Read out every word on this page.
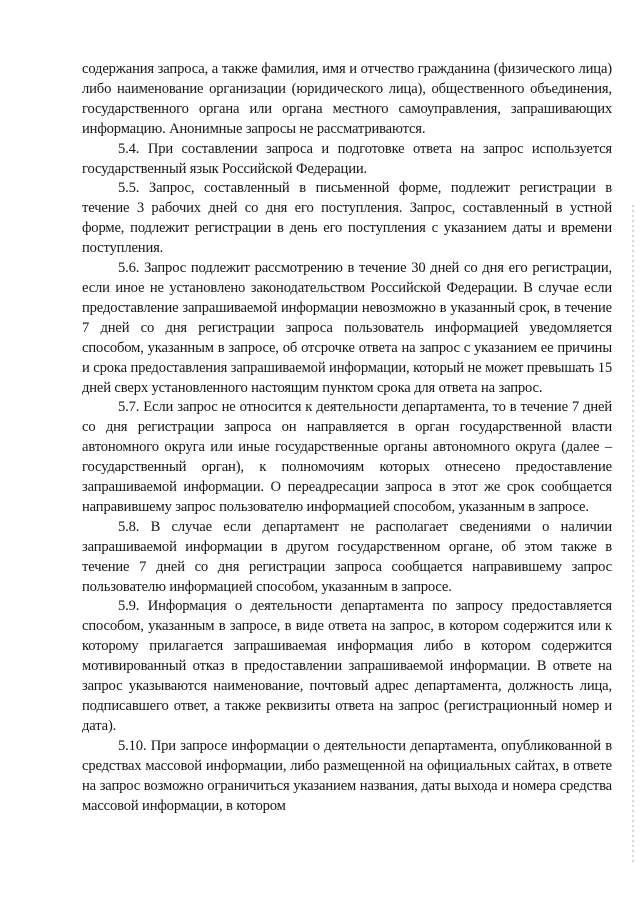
содержания запроса, а также фамилия, имя и отчество гражданина (физического лица) либо наименование организации (юридического лица), общественного объединения, государственного органа или органа местного самоуправления, запрашивающих информацию. Анонимные запросы не рассматриваются.

5.4. При составлении запроса и подготовке ответа на запрос используется государственный язык Российской Федерации.

5.5. Запрос, составленный в письменной форме, подлежит регистрации в течение 3 рабочих дней со дня его поступления. Запрос, составленный в устной форме, подлежит регистрации в день его поступления с указанием даты и времени поступления.

5.6. Запрос подлежит рассмотрению в течение 30 дней со дня его регистрации, если иное не установлено законодательством Российской Федерации. В случае если предоставление запрашиваемой информации невозможно в указанный срок, в течение 7 дней со дня регистрации запроса пользователь информацией уведомляется способом, указанным в запросе, об отсрочке ответа на запрос с указанием ее причины и срока предоставления запрашиваемой информации, который не может превышать 15 дней сверх установленного настоящим пунктом срока для ответа на запрос.

5.7. Если запрос не относится к деятельности департамента, то в течение 7 дней со дня регистрации запроса он направляется в орган государственной власти автономного округа или иные государственные органы автономного округа (далее – государственный орган), к полномочиям которых отнесено предоставление запрашиваемой информации. О переадресации запроса в этот же срок сообщается направившему запрос пользователю информацией способом, указанным в запросе.

5.8. В случае если департамент не располагает сведениями о наличии запрашиваемой информации в другом государственном органе, об этом также в течение 7 дней со дня регистрации запроса сообщается направившему запрос пользователю информацией способом, указанным в запросе.

5.9. Информация о деятельности департамента по запросу предоставляется способом, указанным в запросе, в виде ответа на запрос, в котором содержится или к которому прилагается запрашиваемая информация либо в котором содержится мотивированный отказ в предоставлении запрашиваемой информации. В ответе на запрос указываются наименование, почтовый адрес департамента, должность лица, подписавшего ответ, а также реквизиты ответа на запрос (регистрационный номер и дата).

5.10. При запросе информации о деятельности департамента, опубликованной в средствах массовой информации, либо размещенной на официальных сайтах, в ответе на запрос возможно ограничиться указанием названия, даты выхода и номера средства массовой информации, в котором
